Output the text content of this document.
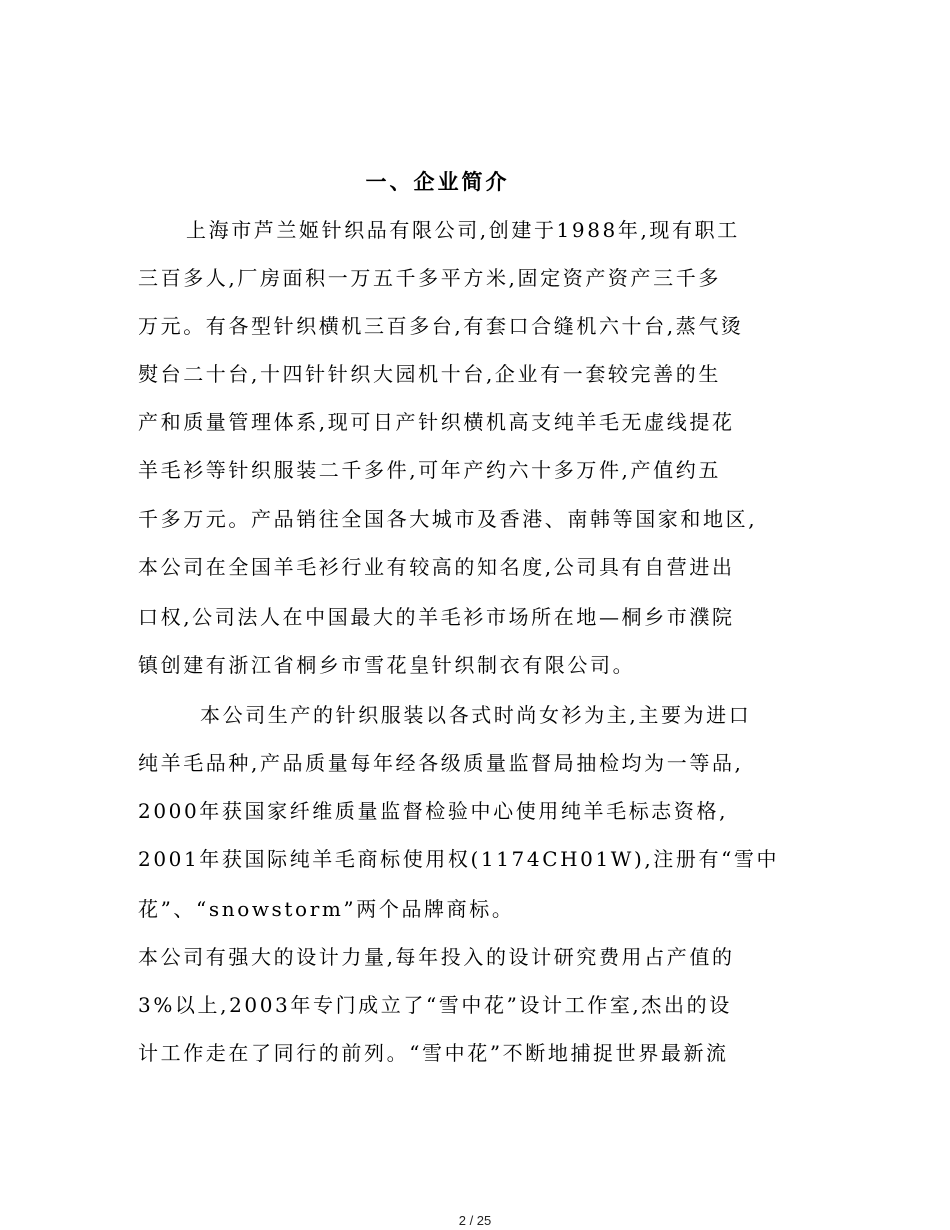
一、企业简介

上海市芦兰姬针织品有限公司,创建于1988年,现有职工

三百多人,厂房面积一万五千多平方米,固定资产资产三千多

万元。有各型针织横机三百多台,有套口合缝机六十台,蒸气烫

熨台二十台,十四针针织大园机十台,企业有一套较完善的生

产和质量管理体系,现可日产针织横机高支纯羊毛无虚线提花

羊毛衫等针织服装二千多件,可年产约六十多万件,产值约五

千多万元。产品销往全国各大城市及香港、南韩等国家和地区,

本公司在全国羊毛衫行业有较高的知名度,公司具有自营进出

口权,公司法人在中国最大的羊毛衫市场所在地—桐乡市濮院

镇创建有浙江省桐乡市雪花皇针织制衣有限公司。

本公司生产的针织服装以各式时尚女衫为主,主要为进口

纯羊毛品种,产品质量每年经各级质量监督局抽检均为一等品,

2000年获国家纤维质量监督检验中心使用纯羊毛标志资格,

2001年获国际纯羊毛商标使用权(1174CH01W),注册有“雪中

花”、“snowstorm”两个品牌商标。

本公司有强大的设计力量,每年投入的设计研究费用占产值的

3%以上,2003年专门成立了“雪中花”设计工作室,杰出的设

计工作走在了同行的前列。“雪中花”不断地捕捉世界最新流

2 / 25
